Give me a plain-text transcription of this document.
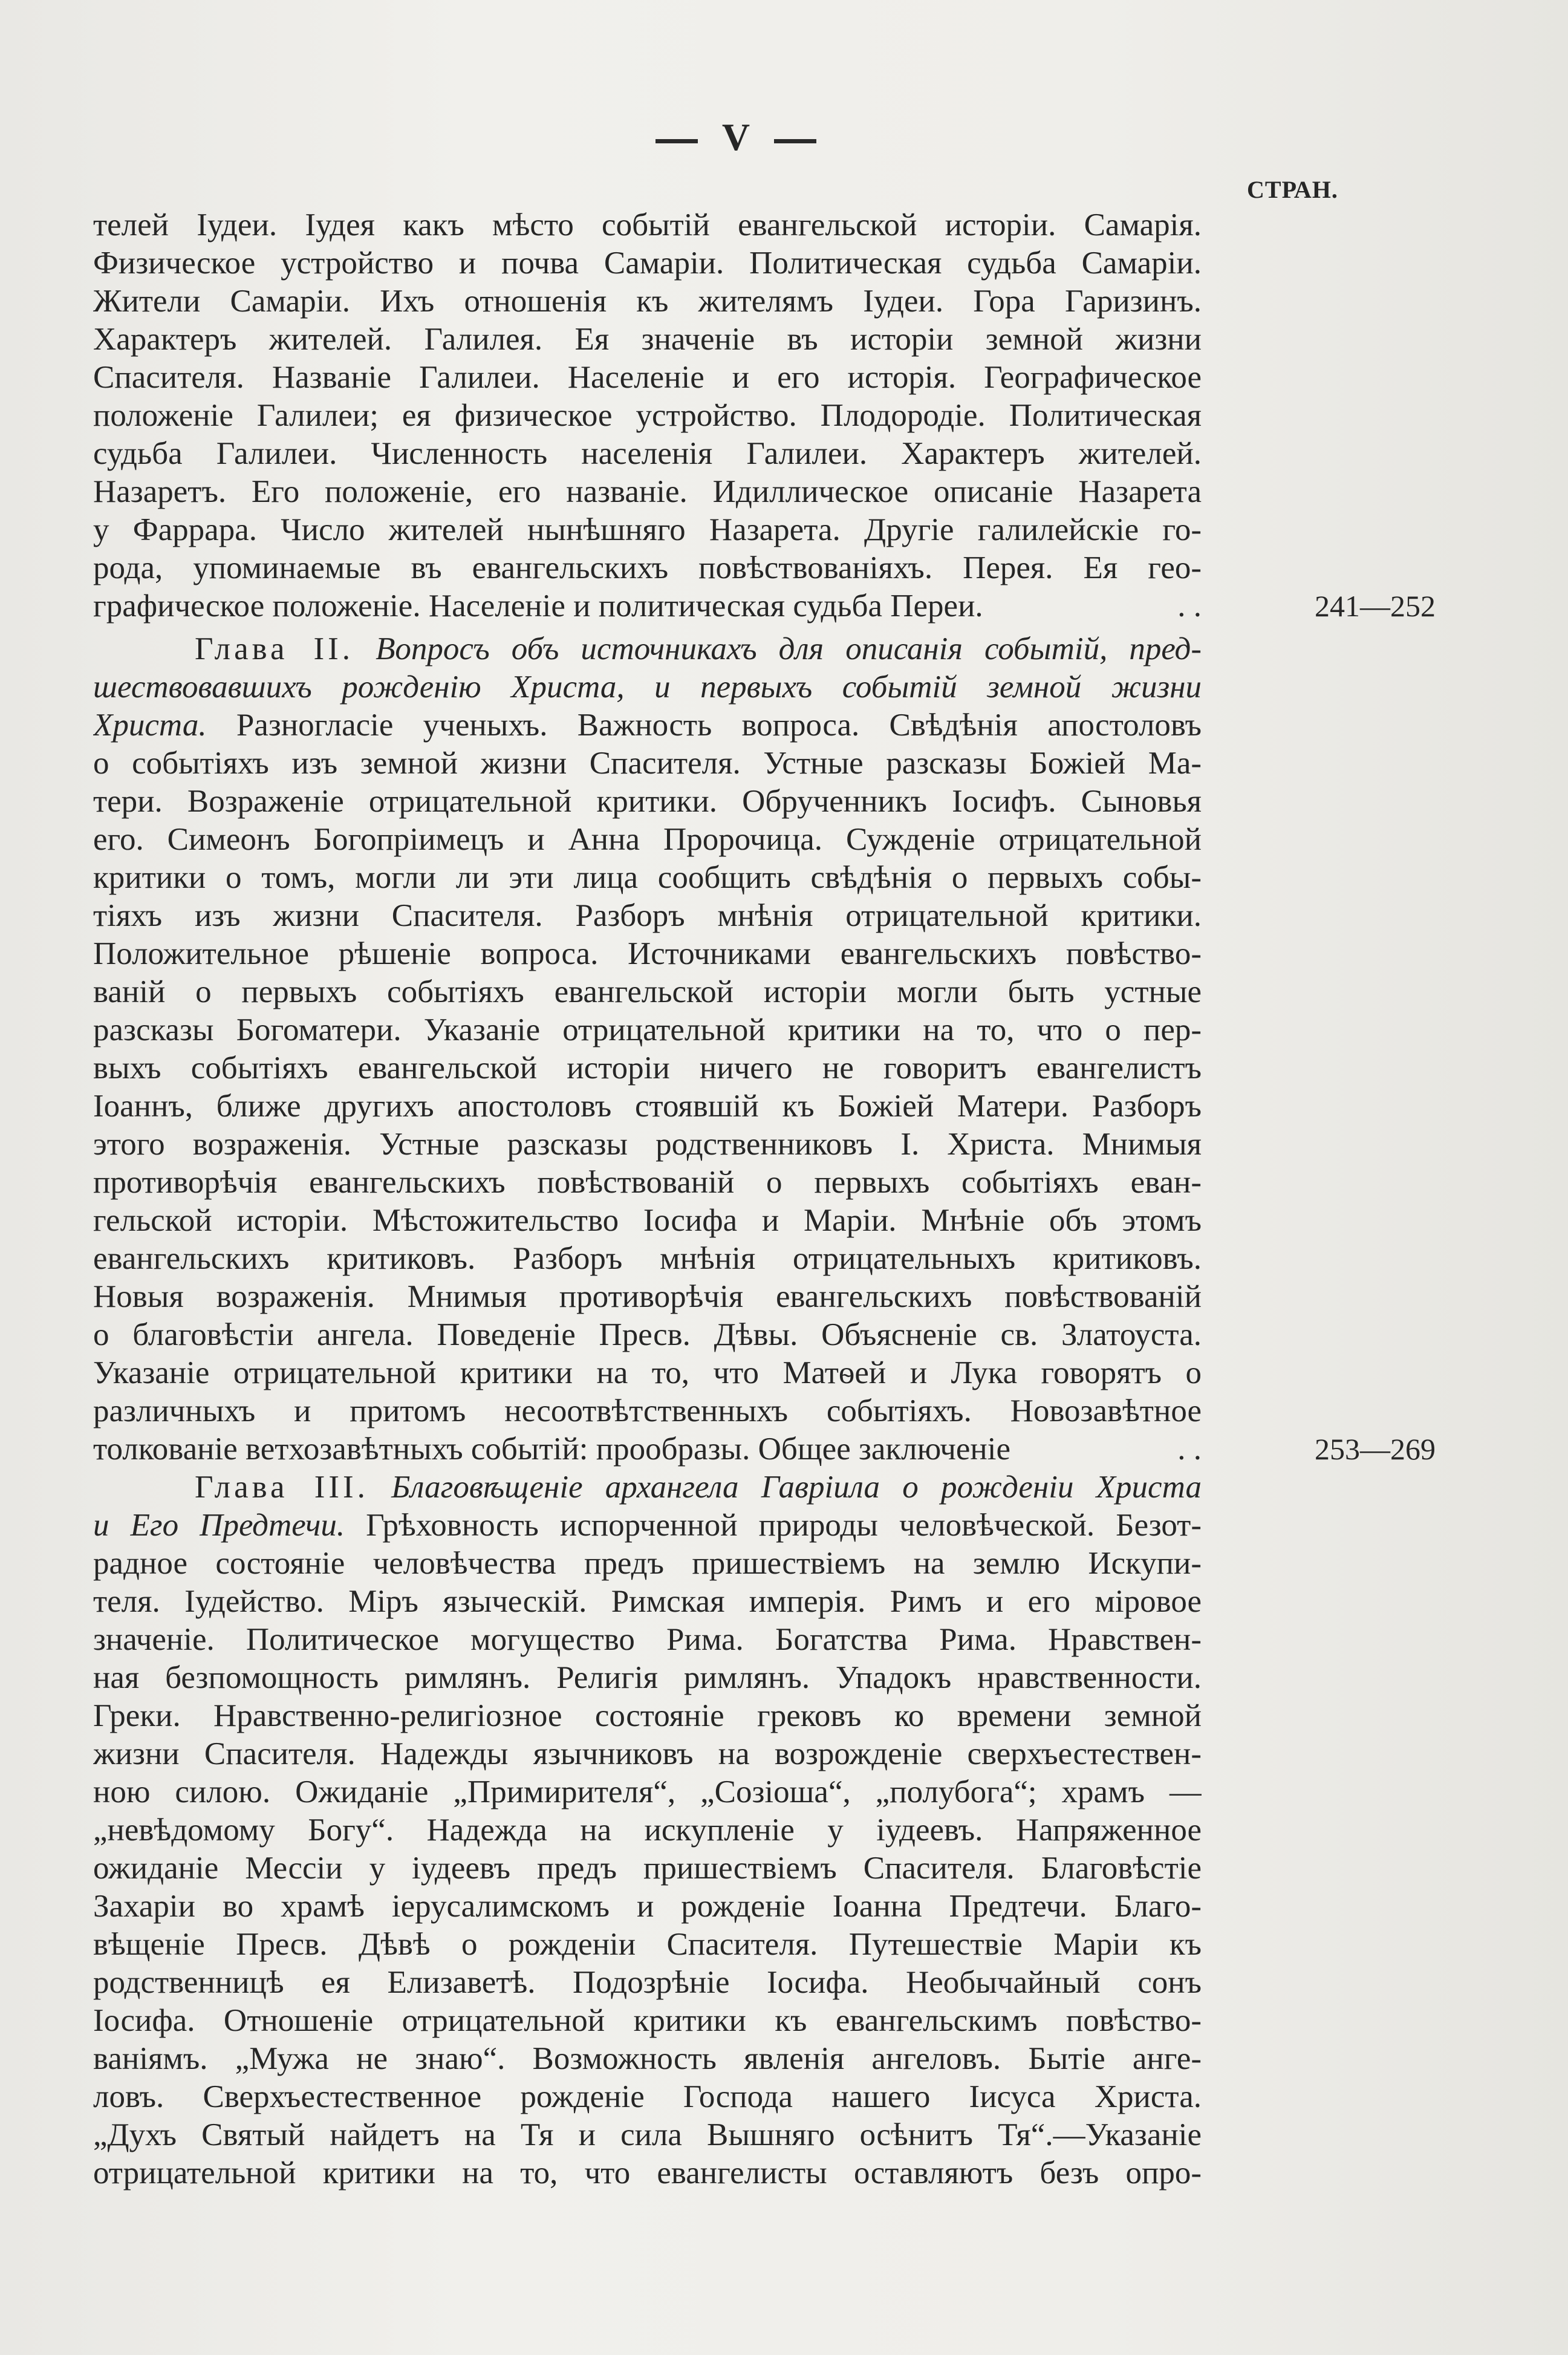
V
СТРАН.
телей Іудеи. Іудея какъ мѣсто событій евангельской исторіи. Самарія.
Физическое устройство и почва Самаріи. Политическая судьба Самаріи.
Жители Самаріи. Ихъ отношенія къ жителямъ Іудеи. Гора Гаризинъ.
Характеръ жителей. Галилея. Ея значеніе въ исторіи земной жизни
Спасителя. Названіе Галилеи. Населеніе и его исторія. Географическое
положеніе Галилеи; ея физическое устройство. Плодородіе. Политическая
судьба Галилеи. Численность населенія Галилеи. Характеръ жителей.
Назаретъ. Его положеніе, его названіе. Идиллическое описаніе Назарета
у Фаррара. Число жителей нынѣшняго Назарета. Другіе галилейскіе го-
рода, упоминаемые въ евангельскихъ повѣствованіяхъ. Перея. Ея гео-
графическое положеніе. Населеніе и политическая судьба Переи.	. .	241—252
Глава II. Вопросъ объ источникахъ для описанія событій, пред-
шествовавшихъ рожденію Христа, и первыхъ событій земной жизни
Христа. Разногласіе ученыхъ. Важность вопроса. Свѣдѣнія апостоловъ
о событіяхъ изъ земной жизни Спасителя. Устные разсказы Божіей Ма-
тери. Возраженіе отрицательной критики. Обрученникъ Іосифъ. Сыновья
его. Симеонъ Богопріимецъ и Анна Пророчица. Сужденіе отрицательной
критики о томъ, могли ли эти лица сообщить свѣдѣнія о первыхъ собы-
тіяхъ изъ жизни Спасителя. Разборъ мнѣнія отрицательной критики.
Положительное рѣшеніе вопроса. Источниками евангельскихъ повѣство-
ваній о первыхъ событіяхъ евангельской исторіи могли быть устные
разсказы Богоматери. Указаніе отрицательной критики на то, что о пер-
выхъ событіяхъ евангельской исторіи ничего не говоритъ евангелистъ
Іоаннъ, ближе другихъ апостоловъ стоявшій къ Божіей Матери. Разборъ
этого возраженія. Устные разсказы родственниковъ І. Христа. Мнимыя
противорѣчія евангельскихъ повѣствованій о первыхъ событіяхъ еван-
гельской исторіи. Мѣстожительство Іосифа и Маріи. Мнѣніе объ этомъ
евангельскихъ критиковъ. Разборъ мнѣнія отрицательныхъ критиковъ.
Новыя возраженія. Мнимыя противорѣчія евангельскихъ повѣствованій
о благовѣстіи ангела. Поведеніе Пресв. Дѣвы. Объясненіе св. Златоуста.
Указаніе отрицательной критики на то, что Матѳей и Лука говорятъ о
различныхъ и притомъ несоотвѣтственныхъ событіяхъ. Новозавѣтное
толкованіе ветхозавѣтныхъ событій: прообразы. Общее заключеніе	. .	253—269
Глава III. Благовѣщеніе архангела Гавріила о рожденіи Христа
и Его Предтечи. Грѣховность испорченной природы человѣческой. Безот-
радное состояніе человѣчества предъ пришествіемъ на землю Искупи-
теля. Іудейство. Міръ языческій. Римская имперія. Римъ и его міровое
значеніе. Политическое могущество Рима. Богатства Рима. Нравствен-
ная безпомощность римлянъ. Религія римлянъ. Упадокъ нравственности.
Греки. Нравственно-религіозное состояніе грековъ ко времени земной
жизни Спасителя. Надежды язычниковъ на возрожденіе сверхъестествен-
ною силою. Ожиданіе „Примирителя“, „Созіоша“, „полубога“; храмъ —
„невѣдомому Богу“. Надежда на искупленіе у іудеевъ. Напряженное
ожиданіе Мессіи у іудеевъ предъ пришествіемъ Спасителя. Благовѣстіе
Захаріи во храмѣ іерусалимскомъ и рожденіе Іоанна Предтечи. Благо-
вѣщеніе Пресв. Дѣвѣ о рожденіи Спасителя. Путешествіе Маріи къ
родственницѣ ея Елизаветѣ. Подозрѣніе Іосифа. Необычайный сонъ
Іосифа. Отношеніе отрицательной критики къ евангельскимъ повѣство-
ваніямъ. „Мужа не знаю“. Возможность явленія ангеловъ. Бытіе анге-
ловъ. Сверхъестественное рожденіе Господа нашего Іисуса Христа.
„Духъ Святый найдетъ на Тя и сила Вышняго осѣнитъ Тя“.—Указаніе
отрицательной критики на то, что евангелисты оставляютъ безъ опро-
